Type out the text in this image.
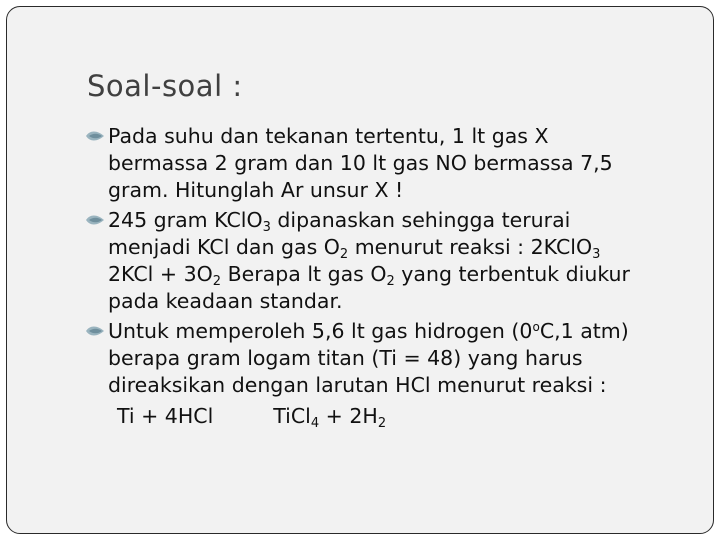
Soal-soal :
Pada suhu dan tekanan tertentu, 1 lt gas X
bermassa 2 gram dan 10 lt gas NO bermassa 7,5
gram. Hitunglah Ar unsur X !
245 gram KClO$_3$ dipanaskan sehingga terurai
menjadi KCl dan gas $O_2$ menurut reaksi : 2KClO$_3$
$2KCl + 3O_2$ Berapa lt gas $O_2$ yang terbentuk diukur
pada keadaan standar.
Untuk memperoleh 5,6 lt gas hidrogen (0$^o$C,1 atm)
berapa gram logam titan (Ti = 48) yang harus
direaksikan dengan larutan HCl menurut reaksi :
Ti + 4HCl	TiCl$_4$ + $2H_2$
